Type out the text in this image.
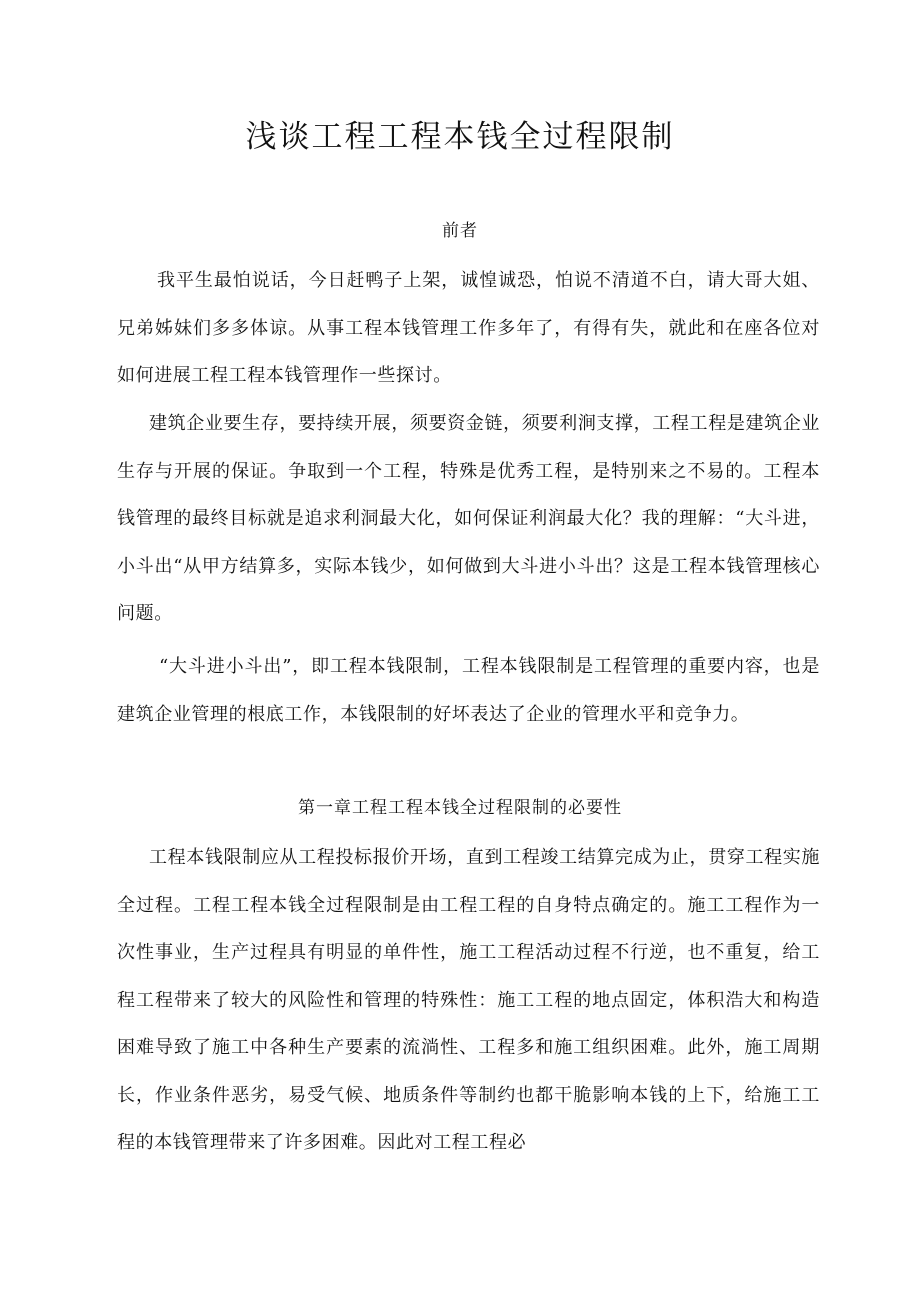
浅谈工程工程本钱全过程限制
前者

我平生最怕说话，今日赶鸭子上架，诚惶诚恐，怕说不清道不白，请大哥大姐、兄弟姊妹们多多体谅。从事工程本钱管理工作多年了，有得有失，就此和在座各位对如何进展工程工程本钱管理作一些探讨。

建筑企业要生存，要持续开展，须要资金链，须要利涧支撑，工程工程是建筑企业生存与开展的保证。争取到一个工程，特殊是优秀工程，是特别来之不易的。工程本钱管理的最终目标就是追求利洞最大化，如何保证利润最大化？我的理解：“大斗进，小斗出“从甲方结算多，实际本钱少，如何做到大斗进小斗出？这是工程本钱管理核心问题。

“大斗进小斗出”，即工程本钱限制，工程本钱限制是工程管理的重要内容，也是建筑企业管理的根底工作，本钱限制的好坏表达了企业的管理水平和竞争力。

第一章工程工程本钱全过程限制的必要性

工程本钱限制应从工程投标报价开场，直到工程竣工结算完成为止，贯穿工程实施全过程。工程工程本钱全过程限制是由工程工程的自身特点确定的。施工工程作为一次性事业，生产过程具有明显的单件性，施工工程活动过程不行逆，也不重复，给工程工程带来了较大的风险性和管理的特殊性：施工工程的地点固定，体积浩大和构造困难导致了施工中各种生产要素的流淌性、工程多和施工组织困难。此外，施工周期长，作业条件恶劣，易受气候、地质条件等制约也都干脆影响本钱的上下，给施工工程的本钱管理带来了许多困难。因此对工程工程必
